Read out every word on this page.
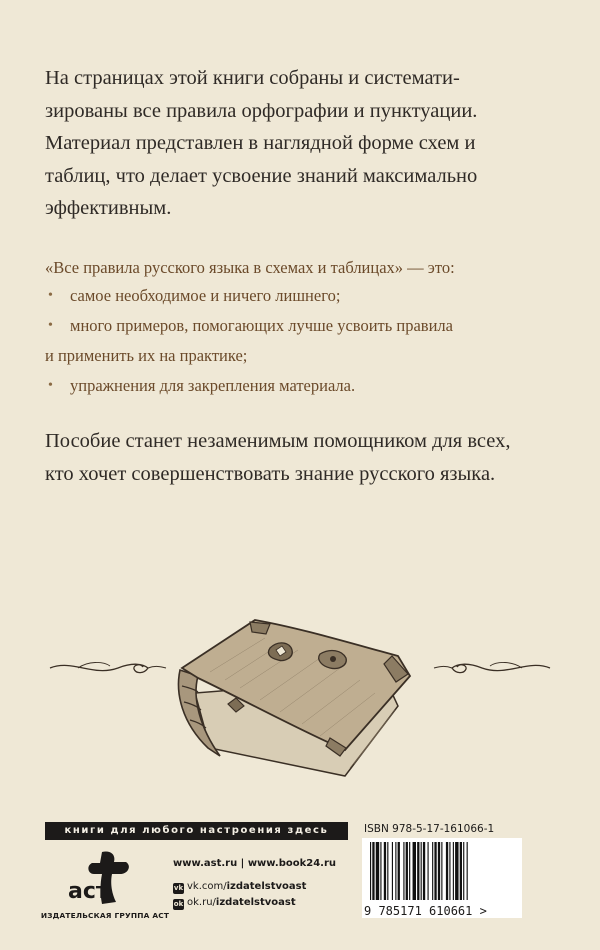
На страницах этой книги собраны и системати-
зированы все правила орфографии и пунктуации.
Материал представлен в наглядной форме схем и
таблиц, что делает усвоение знаний максимально
эффективным.
«Все правила русского языка в схемах и таблицах» — это:
• самое необходимое и ничего лишнего;
• много примеров, помогающих лучше усвоить правила
и применить их на практике;
• упражнения для закрепления материала.
Пособие станет незаменимым помощником для всех,
кто хочет совершенствовать знание русского языка.
книги для любого настроения здесь
аст
ИЗДАТЕЛЬСКАЯ ГРУППА АСТ
www.ast.ru | www.book24.ru
vk vk.com/izdatelstvoast
ok ok.ru/izdatelstvoast
ISBN 978-5-17-161066-1
9 785171 610661 >
